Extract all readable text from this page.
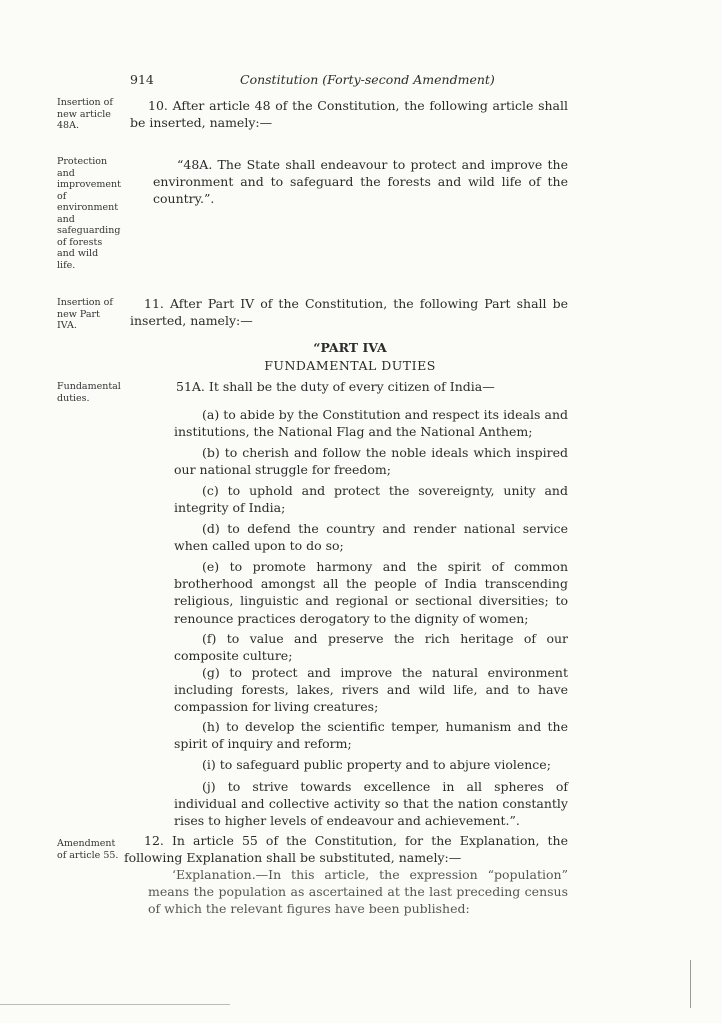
914	Constitution (Forty-second Amendment)
Insertion of new article 48A.
Protection and improvement of environment and safeguarding of forests and wild life.
Insertion of new Part IVA.
Fundamental duties.
Amendment of article 55.
10. After article 48 of the Constitution, the following article shall be inserted, namely:—
“48A. The State shall endeavour to protect and improve the environment and to safeguard the forests and wild life of the country.”.
11. After Part IV of the Constitution, the following Part shall be inserted, namely:—
“PART IVA
FUNDAMENTAL DUTIES
51A. It shall be the duty of every citizen of India—
(a) to abide by the Constitution and respect its ideals and institutions, the National Flag and the National Anthem;
(b) to cherish and follow the noble ideals which inspired our national struggle for freedom;
(c) to uphold and protect the sovereignty, unity and integrity of India;
(d) to defend the country and render national service when called upon to do so;
(e) to promote harmony and the spirit of common brotherhood amongst all the people of India transcending religious, linguistic and regional or sectional diversities; to renounce practices derogatory to the dignity of women;
(f) to value and preserve the rich heritage of our composite culture;
(g) to protect and improve the natural environment including forests, lakes, rivers and wild life, and to have compassion for living creatures;
(h) to develop the scientific temper, humanism and the spirit of inquiry and reform;
(i) to safeguard public property and to abjure violence;
(j) to strive towards excellence in all spheres of individual and collective activity so that the nation constantly rises to higher levels of endeavour and achievement.”.
12. In article 55 of the Constitution, for the Explanation, the following Explanation shall be substituted, namely:—
‘Explanation.—In this article, the expression “population” means the population as ascertained at the last preceding census of which the relevant figures have been published:
